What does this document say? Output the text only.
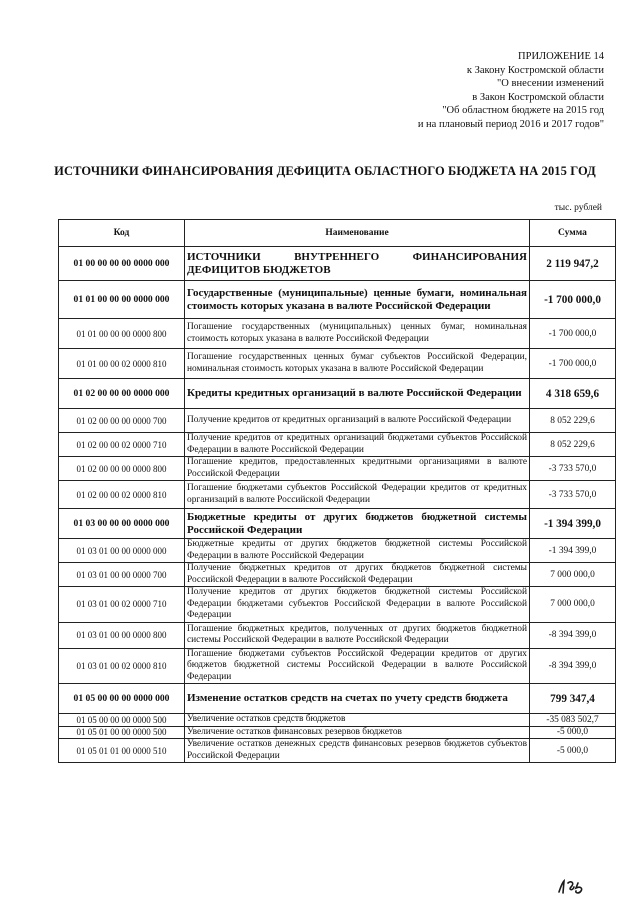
ПРИЛОЖЕНИЕ 14
к Закону Костромской области
"О внесении изменений
в Закон Костромской области
"Об областном бюджете на 2015 год
и на плановый период 2016 и 2017 годов"
ИСТОЧНИКИ ФИНАНСИРОВАНИЯ ДЕФИЦИТА ОБЛАСТНОГО БЮДЖЕТА НА 2015 ГОД
тыс. рублей
Код	Наименование	Сумма
01 00 00 00 00 0000 000	ИСТОЧНИКИ ВНУТРЕННЕГО ФИНАНСИРОВАНИЯ ДЕФИЦИТОВ БЮДЖЕТОВ	2 119 947,2
01 01 00 00 00 0000 000	Государственные (муниципальные) ценные бумаги, номинальная стоимость которых указана в валюте Российской Федерации	-1 700 000,0
01 01 00 00 00 0000 800	Погашение государственных (муниципальных) ценных бумаг, номинальная стоимость которых указана в валюте Российской Федерации	-1 700 000,0
01 01 00 00 02 0000 810	Погашение государственных ценных бумаг субъектов Российской Федерации, номинальная стоимость которых указана в валюте Российской Федерации	-1 700 000,0
01 02 00 00 00 0000 000	Кредиты кредитных организаций в валюте Российской Федерации	4 318 659,6
01 02 00 00 00 0000 700	Получение кредитов от кредитных организаций в валюте Российской Федерации	8 052 229,6
01 02 00 00 02 0000 710	Получение кредитов от кредитных организаций бюджетами субъектов Российской Федерации в валюте Российской Федерации	8 052 229,6
01 02 00 00 00 0000 800	Погашение кредитов, предоставленных кредитными организациями в валюте Российской Федерации	-3 733 570,0
01 02 00 00 02 0000 810	Погашение бюджетами субъектов Российской Федерации кредитов от кредитных организаций в валюте Российской Федерации	-3 733 570,0
01 03 00 00 00 0000 000	Бюджетные кредиты от других бюджетов бюджетной системы Российской Федерации	-1 394 399,0
01 03 01 00 00 0000 000	Бюджетные кредиты от других бюджетов бюджетной системы Российской Федерации в валюте Российской Федерации	-1 394 399,0
01 03 01 00 00 0000 700	Получение бюджетных кредитов от других бюджетов бюджетной системы Российской Федерации в валюте Российской Федерации	7 000 000,0
01 03 01 00 02 0000 710	Получение кредитов от других бюджетов бюджетной системы Российской Федерации бюджетами субъектов Российской Федерации в валюте Российской Федерации	7 000 000,0
01 03 01 00 00 0000 800	Погашение бюджетных кредитов, полученных от других бюджетов бюджетной системы Российской Федерации в валюте Российской Федерации	-8 394 399,0
01 03 01 00 02 0000 810	Погашение бюджетами субъектов Российской Федерации кредитов от других бюджетов бюджетной системы Российской Федерации в валюте Российской Федерации	-8 394 399,0
01 05 00 00 00 0000 000	Изменение остатков средств на счетах по учету средств бюджета	799 347,4
01 05 00 00 00 0000 500	Увеличение остатков средств бюджетов	-35 083 502,7
01 05 01 00 00 0000 500	Увеличение остатков финансовых резервов бюджетов	-5 000,0
01 05 01 01 00 0000 510	Увеличение остатков денежных средств финансовых резервов бюджетов субъектов Российской Федерации	-5 000,0
